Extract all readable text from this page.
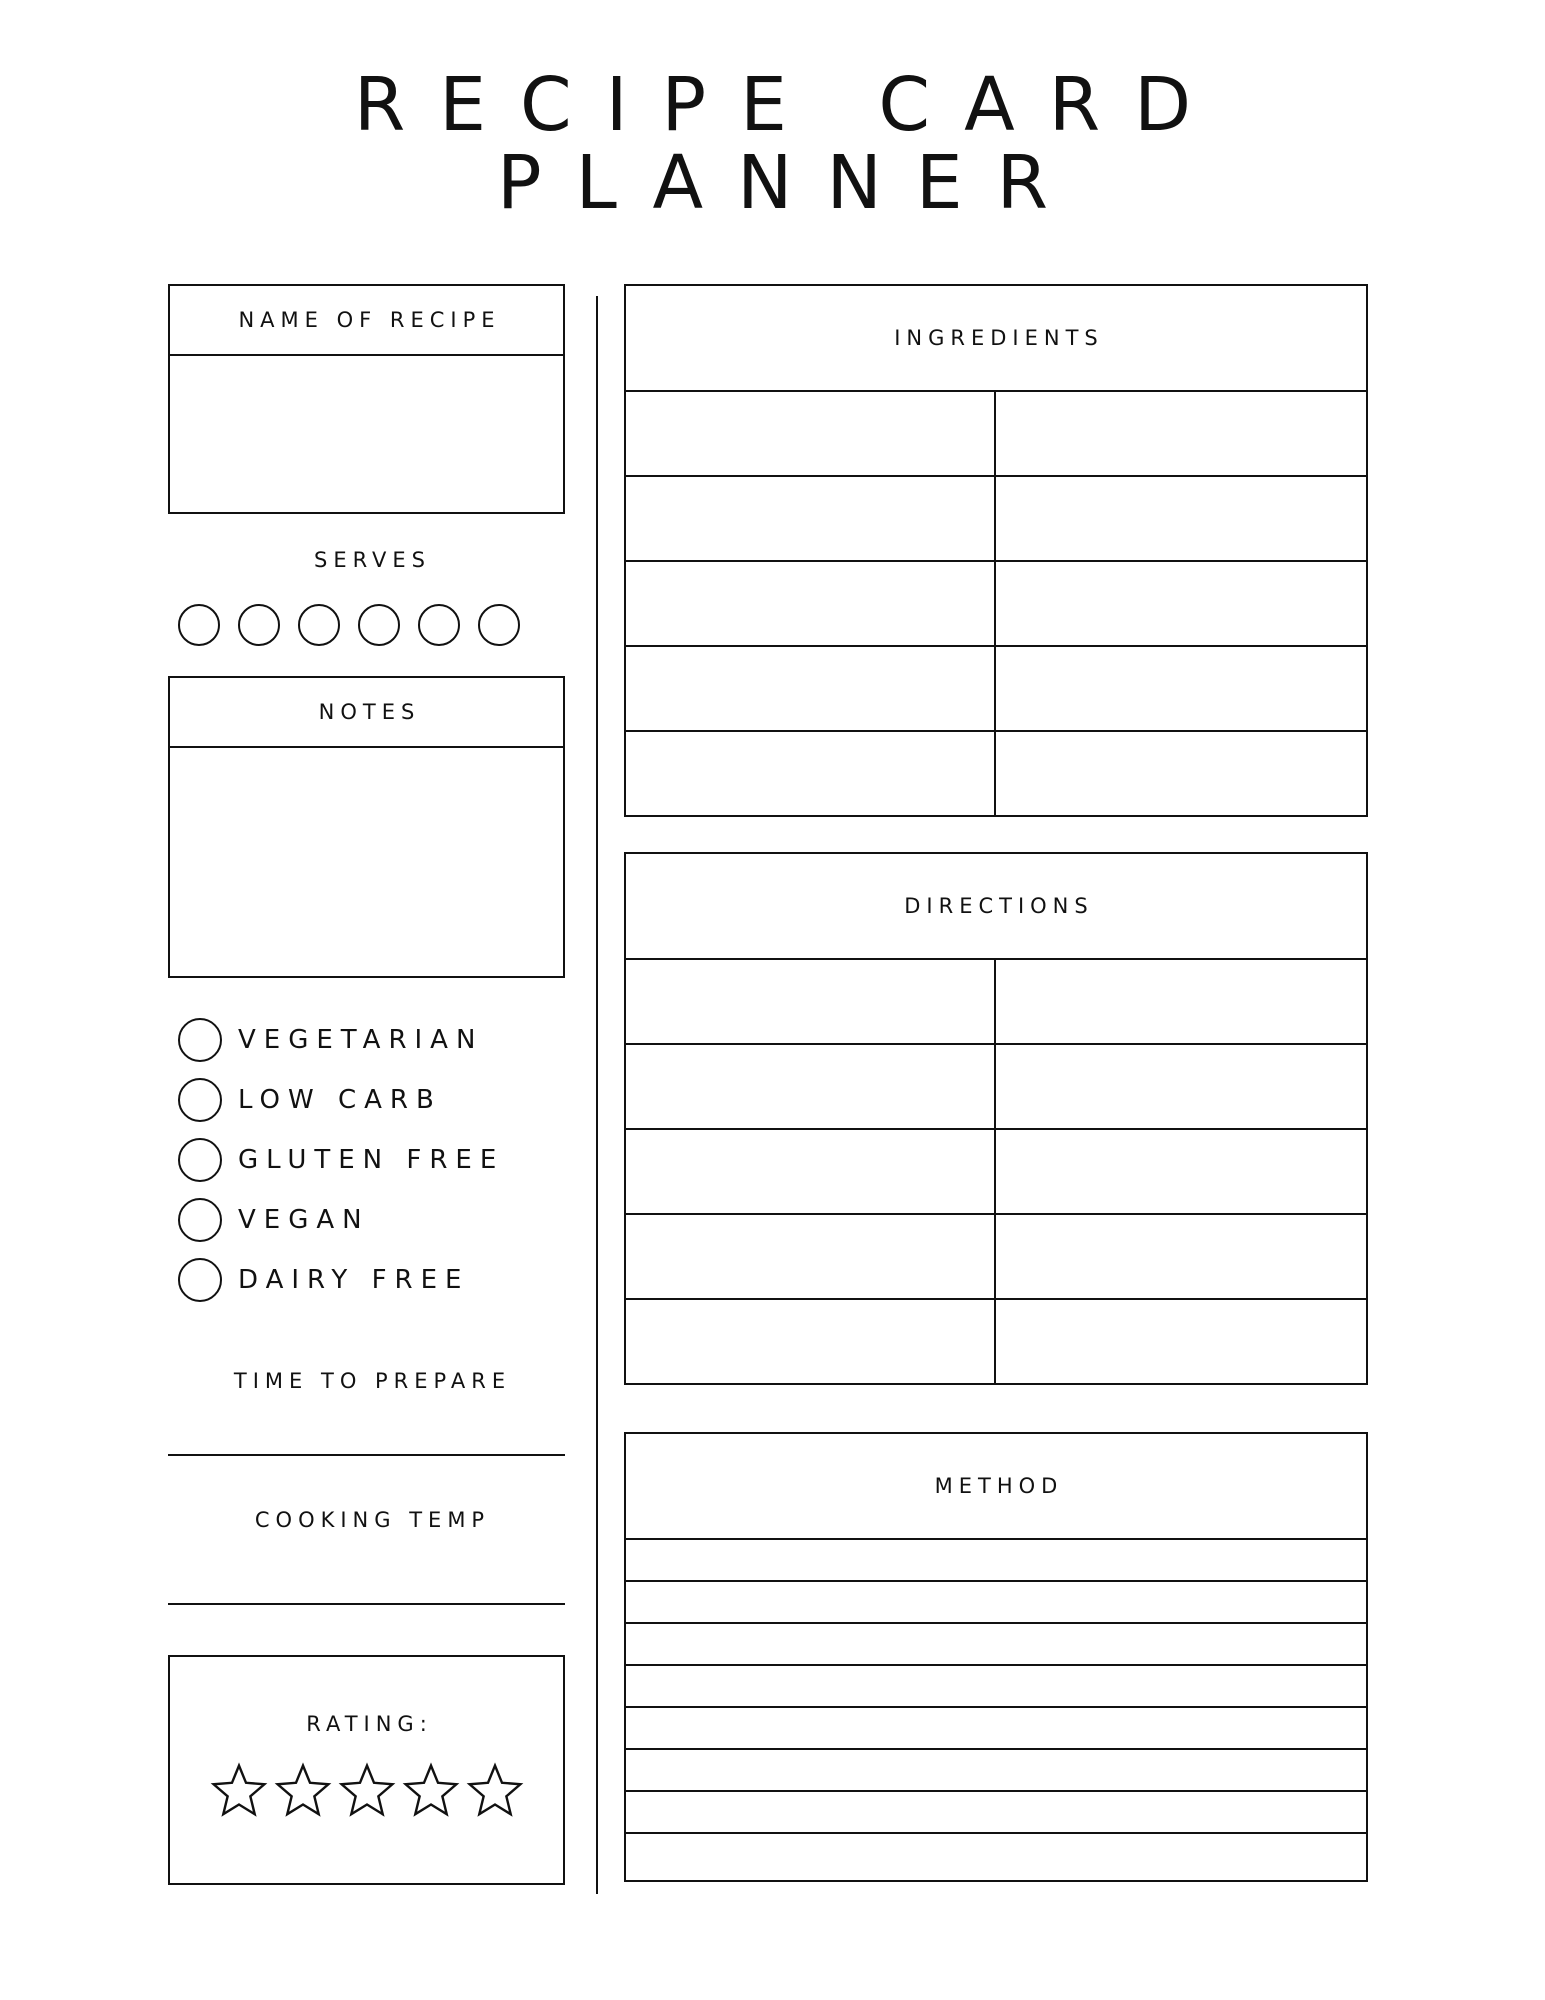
RECIPE CARD
PLANNER
NAME OF RECIPE
SERVES
NOTES
VEGETARIAN
LOW CARB
GLUTEN FREE
VEGAN
DAIRY FREE
TIME TO PREPARE
COOKING TEMP
RATING:
INGREDIENTS
DIRECTIONS
METHOD
